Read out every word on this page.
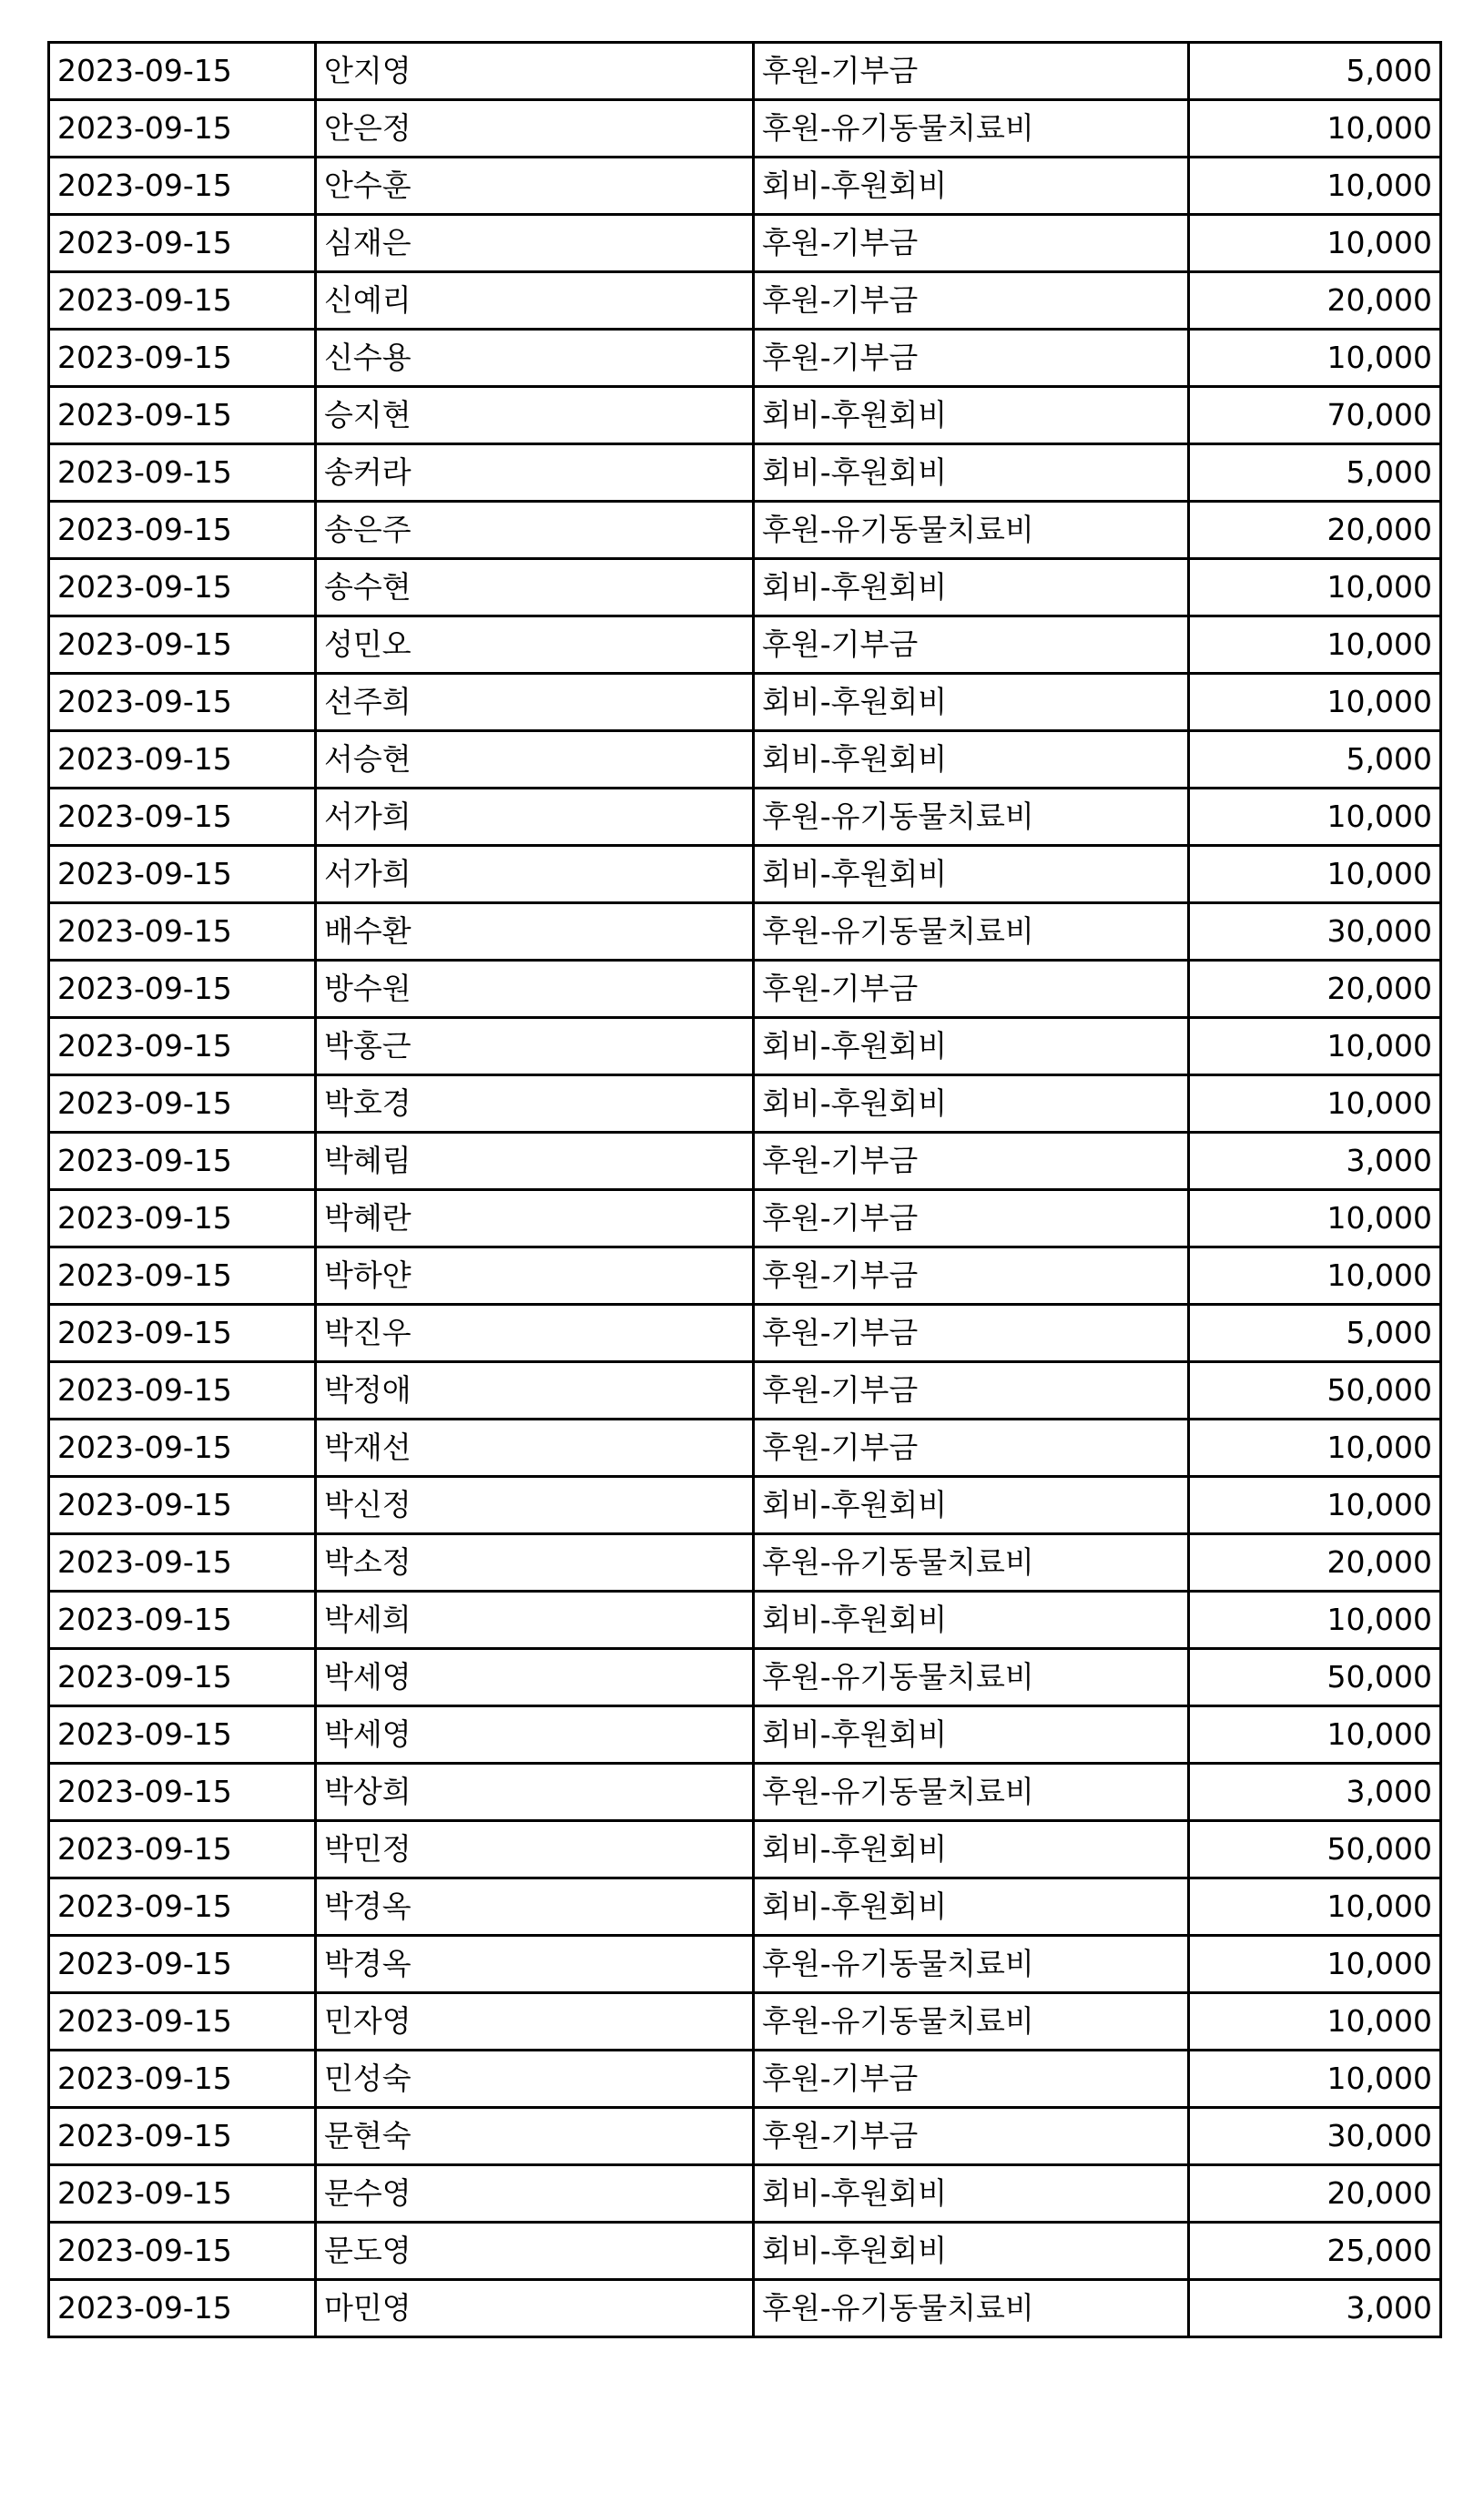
2023-09-15	안지영	후원-기부금	5,000
2023-09-15	안은정	후원-유기동물치료비	10,000
2023-09-15	안수훈	회비-후원회비	10,000
2023-09-15	심재은	후원-기부금	10,000
2023-09-15	신예리	후원-기부금	20,000
2023-09-15	신수용	후원-기부금	10,000
2023-09-15	승지현	회비-후원회비	70,000
2023-09-15	송커라	회비-후원회비	5,000
2023-09-15	송은주	후원-유기동물치료비	20,000
2023-09-15	송수현	회비-후원회비	10,000
2023-09-15	성민오	후원-기부금	10,000
2023-09-15	선주희	회비-후원회비	10,000
2023-09-15	서승현	회비-후원회비	5,000
2023-09-15	서가희	후원-유기동물치료비	10,000
2023-09-15	서가희	회비-후원회비	10,000
2023-09-15	배수환	후원-유기동물치료비	30,000
2023-09-15	방수원	후원-기부금	20,000
2023-09-15	박홍근	회비-후원회비	10,000
2023-09-15	박호경	회비-후원회비	10,000
2023-09-15	박혜림	후원-기부금	3,000
2023-09-15	박혜란	후원-기부금	10,000
2023-09-15	박하얀	후원-기부금	10,000
2023-09-15	박진우	후원-기부금	5,000
2023-09-15	박정애	후원-기부금	50,000
2023-09-15	박재선	후원-기부금	10,000
2023-09-15	박신정	회비-후원회비	10,000
2023-09-15	박소정	후원-유기동물치료비	20,000
2023-09-15	박세희	회비-후원회비	10,000
2023-09-15	박세영	후원-유기동물치료비	50,000
2023-09-15	박세영	회비-후원회비	10,000
2023-09-15	박상희	후원-유기동물치료비	3,000
2023-09-15	박민정	회비-후원회비	50,000
2023-09-15	박경옥	회비-후원회비	10,000
2023-09-15	박경옥	후원-유기동물치료비	10,000
2023-09-15	민자영	후원-유기동물치료비	10,000
2023-09-15	민성숙	후원-기부금	10,000
2023-09-15	문현숙	후원-기부금	30,000
2023-09-15	문수영	회비-후원회비	20,000
2023-09-15	문도영	회비-후원회비	25,000
2023-09-15	마민영	후원-유기동물치료비	3,000
